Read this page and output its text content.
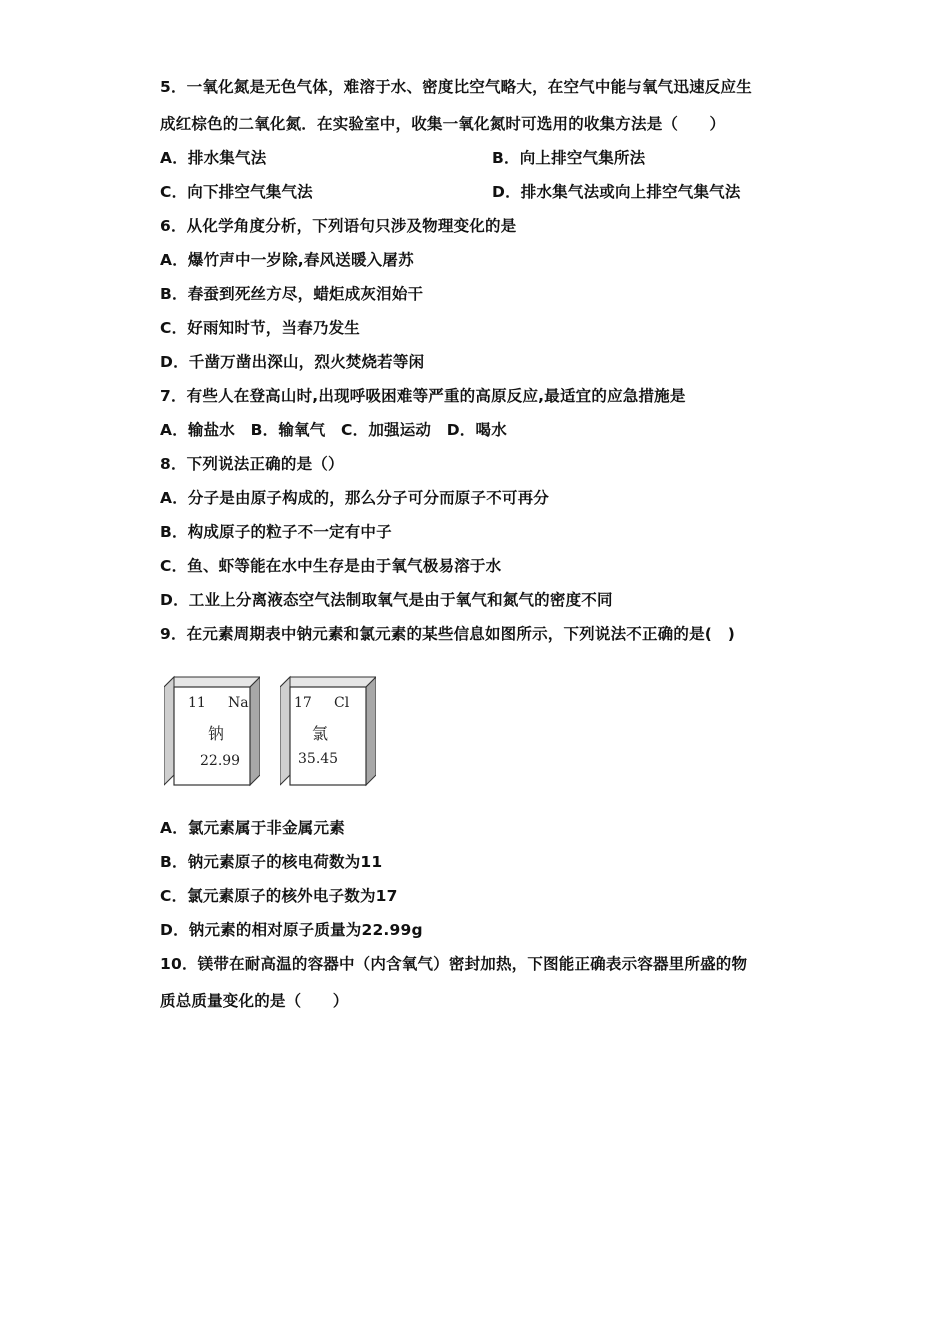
5．一氧化氮是无色气体，难溶于水、密度比空气略大，在空气中能与氧气迅速反应生
成红棕色的二氧化氮．在实验室中，收集一氧化氮时可选用的收集方法是（　　）
A．排水集气法	B．向上排空气集所法
C．向下排空气集气法	D．排水集气法或向上排空气集气法
6．从化学角度分析，下列语句只涉及物理变化的是
A．爆竹声中一岁除,春风送暖入屠苏
B．春蚕到死丝方尽，蜡炬成灰泪始干
C．好雨知时节，当春乃发生
D．千凿万凿出深山，烈火焚烧若等闲
7．有些人在登高山时,出现呼吸困难等严重的高原反应,最适宜的应急措施是
A．输盐水 B．输氧气 C．加强运动 D．喝水
8．下列说法正确的是（）
A．分子是由原子构成的，那么分子可分而原子不可再分
B．构成原子的粒子不一定有中子
C．鱼、虾等能在水中生存是由于氧气极易溶于水
D．工业上分离液态空气法制取氧气是由于氧气和氮气的密度不同
9．在元素周期表中钠元素和氯元素的某些信息如图所示，下列说法不正确的是(　)
11 Na
钠
22.99
17 Cl
氯
35.45
A．氯元素属于非金属元素
B．钠元素原子的核电荷数为11
C．氯元素原子的核外电子数为17
D．钠元素的相对原子质量为22.99g
10．镁带在耐高温的容器中（内含氧气）密封加热，下图能正确表示容器里所盛的物
质总质量变化的是（　　）
